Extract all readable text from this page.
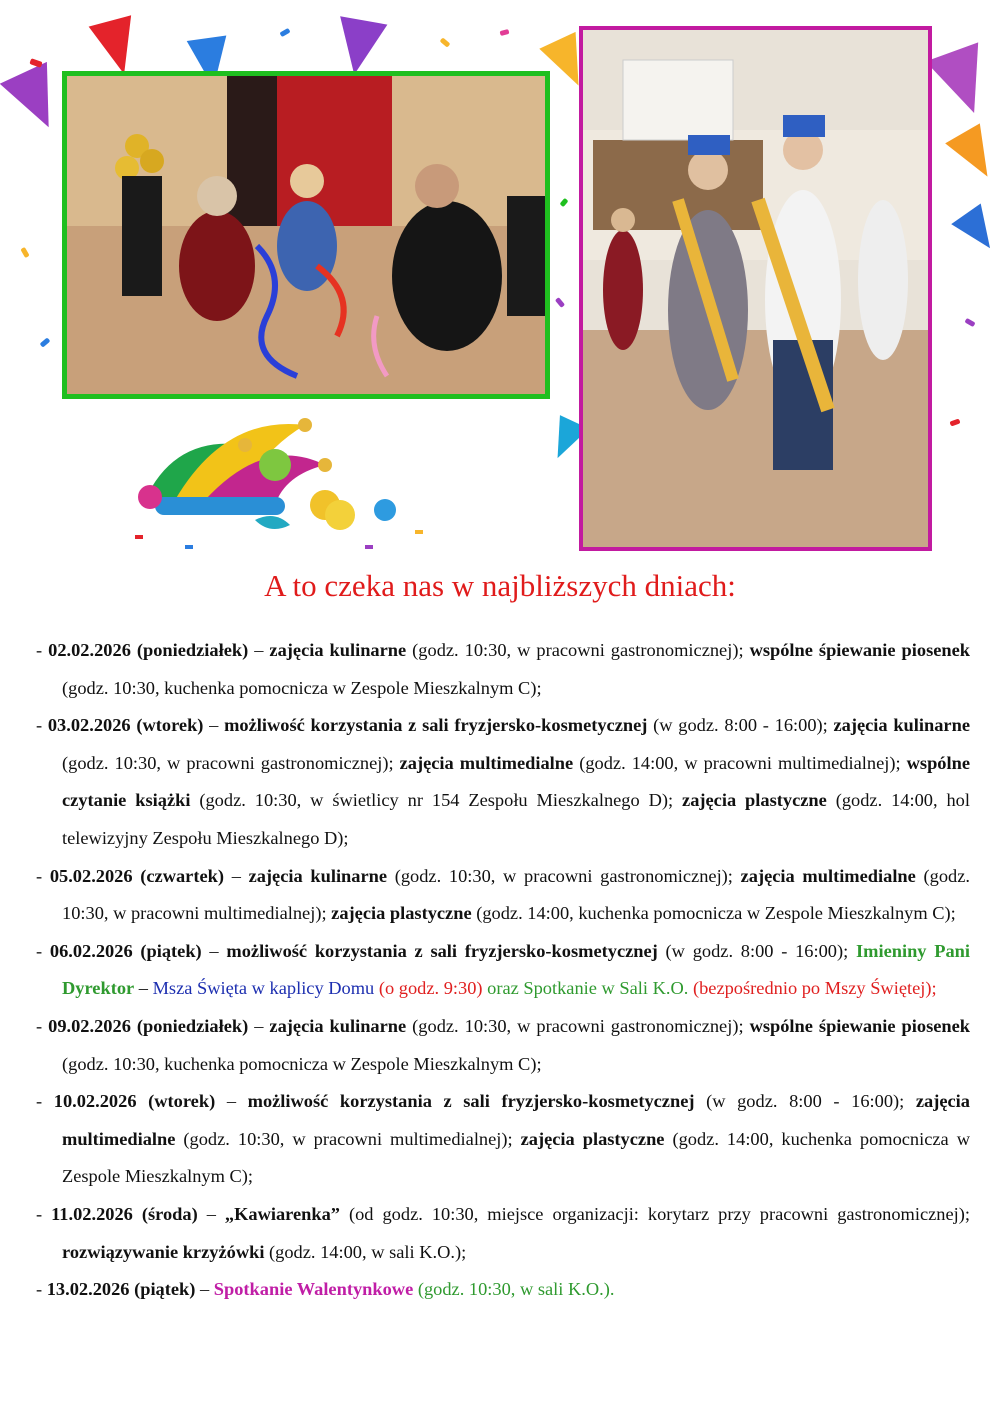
A to czeka nas w najbliższych dniach:
- 02.02.2026 (poniedziałek) – zajęcia kulinarne (godz. 10:30, w pracowni gastronomicznej); wspólne śpiewanie piosenek (godz. 10:30, kuchenka pomocnicza w Zespole Mieszkalnym C);
- 03.02.2026 (wtorek) – możliwość korzystania z sali fryzjersko-kosmetycznej (w godz. 8:00 - 16:00); zajęcia kulinarne (godz. 10:30, w pracowni gastronomicznej); zajęcia multimedialne (godz. 14:00, w pracowni multimedialnej); wspólne czytanie książki (godz. 10:30, w świetlicy nr 154 Zespołu Mieszkalnego D); zajęcia plastyczne (godz. 14:00, hol telewizyjny Zespołu Mieszkalnego D);
- 05.02.2026 (czwartek) – zajęcia kulinarne (godz. 10:30, w pracowni gastronomicznej); zajęcia multimedialne (godz. 10:30, w pracowni multimedialnej); zajęcia plastyczne (godz. 14:00, kuchenka pomocnicza w Zespole Mieszkalnym C);
- 06.02.2026 (piątek) – możliwość korzystania z sali fryzjersko-kosmetycznej (w godz. 8:00 - 16:00); Imieniny Pani Dyrektor – Msza Święta w kaplicy Domu (o godz. 9:30) oraz Spotkanie w Sali K.O. (bezpośrednio po Mszy Świętej);
- 09.02.2026 (poniedziałek) – zajęcia kulinarne (godz. 10:30, w pracowni gastronomicznej); wspólne śpiewanie piosenek (godz. 10:30, kuchenka pomocnicza w Zespole Mieszkalnym C);
- 10.02.2026 (wtorek) – możliwość korzystania z sali fryzjersko-kosmetycznej (w godz. 8:00 - 16:00); zajęcia multimedialne (godz. 10:30, w pracowni multimedialnej); zajęcia plastyczne (godz. 14:00, kuchenka pomocnicza w Zespole Mieszkalnym C);
- 11.02.2026 (środa) – „Kawiarenka” (od godz. 10:30, miejsce organizacji: korytarz przy pracowni gastronomicznej); rozwiązywanie krzyżówki (godz. 14:00, w sali K.O.);
- 13.02.2026 (piątek) – Spotkanie Walentynkowe (godz. 10:30, w sali K.O.).
